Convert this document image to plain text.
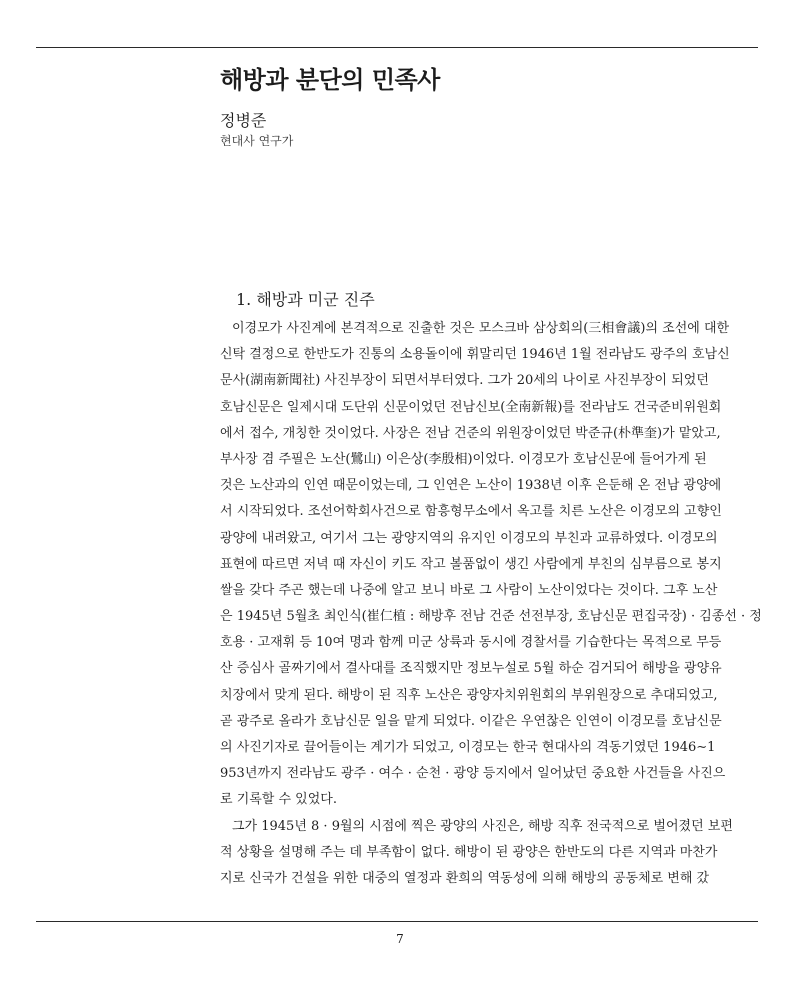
해방과 분단의 민족사
정병준
현대사 연구가
1. 해방과 미군 진주
이경모가 사진계에 본격적으로 진출한 것은 모스크바 삼상회의(三相會議)의 조선에 대한
신탁 결정으로 한반도가 진통의 소용돌이에 휘말리던 1946년 1월 전라남도 광주의 호남신
문사(湖南新聞社) 사진부장이 되면서부터였다. 그가 20세의 나이로 사진부장이 되었던
호남신문은 일제시대 도단위 신문이었던 전남신보(全南新報)를 전라남도 건국준비위원회
에서 접수, 개칭한 것이었다. 사장은 전남 건준의 위원장이었던 박준규(朴準奎)가 맡았고,
부사장 겸 주필은 노산(鷺山) 이은상(李殷相)이었다. 이경모가 호남신문에 들어가게 된
것은 노산과의 인연 때문이었는데, 그 인연은 노산이 1938년 이후 은둔해 온 전남 광양에
서 시작되었다. 조선어학회사건으로 함흥형무소에서 옥고를 치른 노산은 이경모의 고향인
광양에 내려왔고, 여기서 그는 광양지역의 유지인 이경모의 부친과 교류하였다. 이경모의
표현에 따르면 저녁 때 자신이 키도 작고 볼품없이 생긴 사람에게 부친의 심부름으로 봉지
쌀을 갖다 주곤 했는데 나중에 알고 보니 바로 그 사람이 노산이었다는 것이다. 그후 노산
은 1945년 5월초 최인식(崔仁植 : 해방후 전남 건준 선전부장, 호남신문 편집국장) · 김종선 · 정
호용 · 고재휘 등 10여 명과 함께 미군 상륙과 동시에 경찰서를 기습한다는 목적으로 무등
산 증심사 골짜기에서 결사대를 조직했지만 정보누설로 5월 하순 검거되어 해방을 광양유
치장에서 맞게 된다. 해방이 된 직후 노산은 광양자치위원회의 부위원장으로 추대되었고,
곧 광주로 올라가 호남신문 일을 맡게 되었다. 이같은 우연찮은 인연이 이경모를 호남신문
의 사진기자로 끌어들이는 계기가 되었고, 이경모는 한국 현대사의 격동기였던 1946∼1
953년까지 전라남도 광주 · 여수 · 순천 · 광양 등지에서 일어났던 중요한 사건들을 사진으
로 기록할 수 있었다.
그가 1945년 8 · 9월의 시점에 찍은 광양의 사진은, 해방 직후 전국적으로 벌어졌던 보편
적 상황을 설명해 주는 데 부족함이 없다. 해방이 된 광양은 한반도의 다른 지역과 마찬가
지로 신국가 건설을 위한 대중의 열정과 환희의 역동성에 의해 해방의 공동체로 변해 갔
7
